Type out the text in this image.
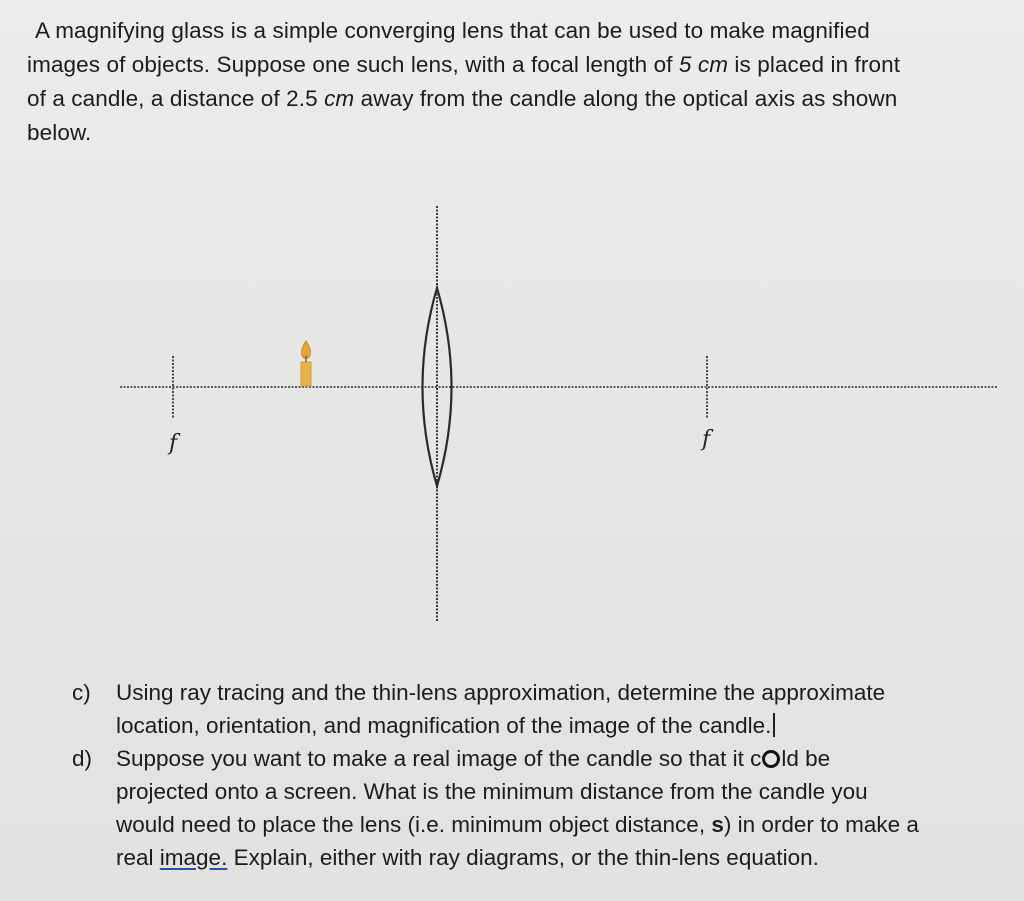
A magnifying glass is a simple converging lens that can be used to make magnified
images of objects. Suppose one such lens, with a focal length of 5 cm is placed in front
of a candle, a distance of 2.5 cm away from the candle along the optical axis as shown
below.

f	f
c) Using ray tracing and the thin-lens approximation, determine the approximate
location, orientation, and magnification of the image of the candle.
d) Suppose you want to make a real image of the candle so that it c ld be
projected onto a screen. What is the minimum distance from the candle you
would need to place the lens (i.e. minimum object distance, s) in order to make a
real image. Explain, either with ray diagrams, or the thin-lens equation.
